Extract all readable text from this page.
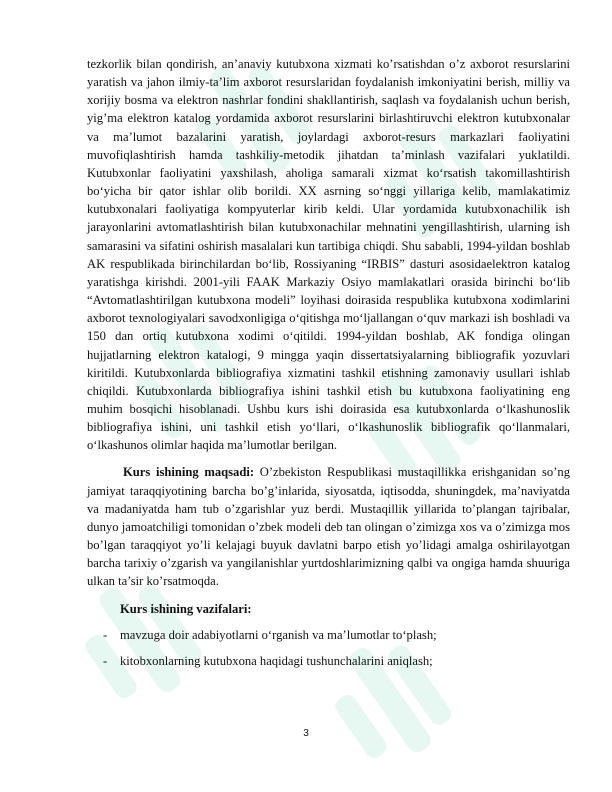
tezkorlik bilan qondirish, an’anaviy kutubxona xizmati ko’rsatishdan o’z axborot resurslarini yaratish va jahon ilmiy-ta’lim axborot resurslaridan foydalanish imkoniyatini berish, milliy va xorijiy bosma va elektron nashrlar fondini shakllantirish, saqlash va foydalanish uchun berish, yig’ma elektron katalog yordamida axborot resurslarini birlashtiruvchi elektron kutubxonalar va ma’lumot bazalarini yaratish, joylardagi axborot-resurs markazlari faoliyatini muvofiqlashtirish hamda tashkiliy-metodik jihatdan ta’minlash vazifalari yuklatildi. Kutubxonlar faoliyatini yaxshilash, aholiga samarali xizmat ko‘rsatish takomillashtirish bo‘yicha bir qator ishlar olib borildi. XX asrning so‘nggi yillariga kelib, mamlakatimiz kutubxonalari faoliyatiga kompyuterlar kirib keldi. Ular yordamida kutubxonachilik ish jarayonlarini avtomatlashtirish bilan kutubxonachilar mehnatini yengillashtirish, ularning ish samarasini va sifatini oshirish masalalari kun tartibiga chiqdi. Shu sababli, 1994-yildan boshlab AK respublikada birinchilardan bo‘lib, Rossiyaning “IRBIS” dasturi asosidaelektron katalog yaratishga kirishdi. 2001-yili FAAK Markaziy Osiyo mamlakatlari orasida birinchi bo‘lib “Avtomatlashtirilgan kutubxona modeli” loyihasi doirasida respublika kutubxona xodimlarini axborot texnologiyalari savodxonligiga o‘qitishga mo‘ljallangan o‘quv markazi ish boshladi va 150 dan ortiq kutubxona xodimi o‘qitildi. 1994-yildan boshlab, AK fondiga olingan hujjatlarning elektron katalogi, 9 mingga yaqin dissertatsiyalarning bibliografik yozuvlari kiritildi. Kutubxonlarda bibliografiya xizmatini tashkil etishning zamonaviy usullari ishlab chiqildi. Kutubxonlarda bibliografiya ishini tashkil etish bu kutubxona faoliyatining eng muhim bosqichi hisoblanadi. Ushbu kurs ishi doirasida esa kutubxonlarda o‘lkashunoslik bibliografiya ishini, uni tashkil etish yo‘llari, o‘lkashunoslik bibliografik qo‘llanmalari, o‘lkashunos olimlar haqida ma’lumotlar berilgan.

Kurs ishining maqsadi: O’zbekiston Respublikasi mustaqillikka erishganidan so’ng jamiyat taraqqiyotining barcha bo’g’inlarida, siyosatda, iqtisodda, shuningdek, ma’naviyatda va madaniyatda ham tub o’zgarishlar yuz berdi. Mustaqillik yillarida to’plangan tajribalar, dunyo jamoatchiligi tomonidan o’zbek modeli deb tan olingan o’zimizga xos va o’zimizga mos bo’lgan taraqqiyot yo’li kelajagi buyuk davlatni barpo etish yo’lidagi amalga oshirilayotgan barcha tarixiy o’zgarish va yangilanishlar yurtdoshlarimizning qalbi va ongiga hamda shuuriga ulkan ta’sir ko’rsatmoqda.

Kurs ishining vazifalari:

- mavzuga doir adabiyotlarni o‘rganish va ma’lumotlar to‘plash;
- kitobxonlarning kutubxona haqidagi tushunchalarini aniqlash;
3
